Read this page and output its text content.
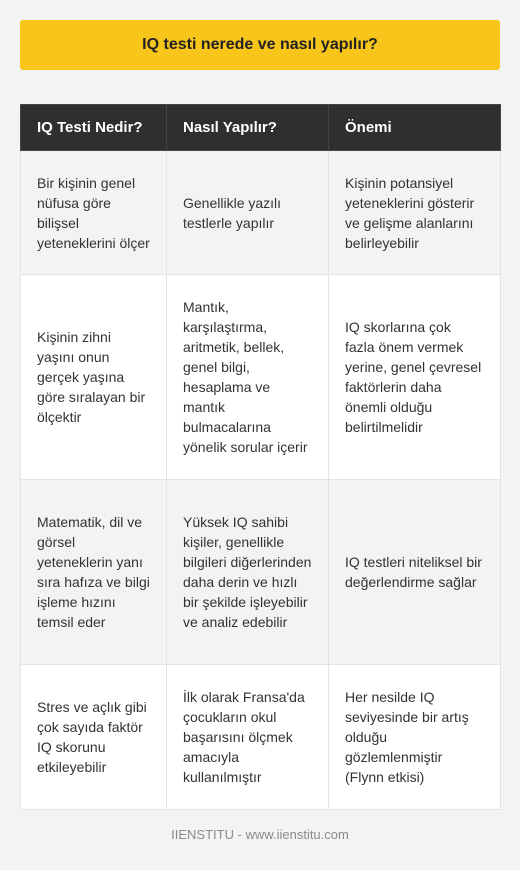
IQ testi nerede ve nasıl yapılır?
IQ Testi Nedir?	Nasıl Yapılır?	Önemi
Bir kişinin genel nüfusa göre bilişsel yeteneklerini ölçer	Genellikle yazılı testlerle yapılır	Kişinin potansiyel yeteneklerini gösterir ve gelişme alanlarını belirleyebilir
Kişinin zihni yaşını onun gerçek yaşına göre sıralayan bir ölçektir	Mantık, karşılaştırma, aritmetik, bellek, genel bilgi, hesaplama ve mantık bulmacalarına yönelik sorular içerir	IQ skorlarına çok fazla önem vermek yerine, genel çevresel faktörlerin daha önemli olduğu belirtilmelidir
Matematik, dil ve görsel yeteneklerin yanı sıra hafıza ve bilgi işleme hızını temsil eder	Yüksek IQ sahibi kişiler, genellikle bilgileri diğerlerinden daha derin ve hızlı bir şekilde işleyebilir ve analiz edebilir	IQ testleri niteliksel bir değerlendirme sağlar
Stres ve açlık gibi çok sayıda faktör IQ skorunu etkileyebilir	İlk olarak Fransa'da çocukların okul başarısını ölçmek amacıyla kullanılmıştır	Her nesilde IQ seviyesinde bir artış olduğu gözlemlenmiştir (Flynn etkisi)
IIENSTITU - www.iienstitu.com
